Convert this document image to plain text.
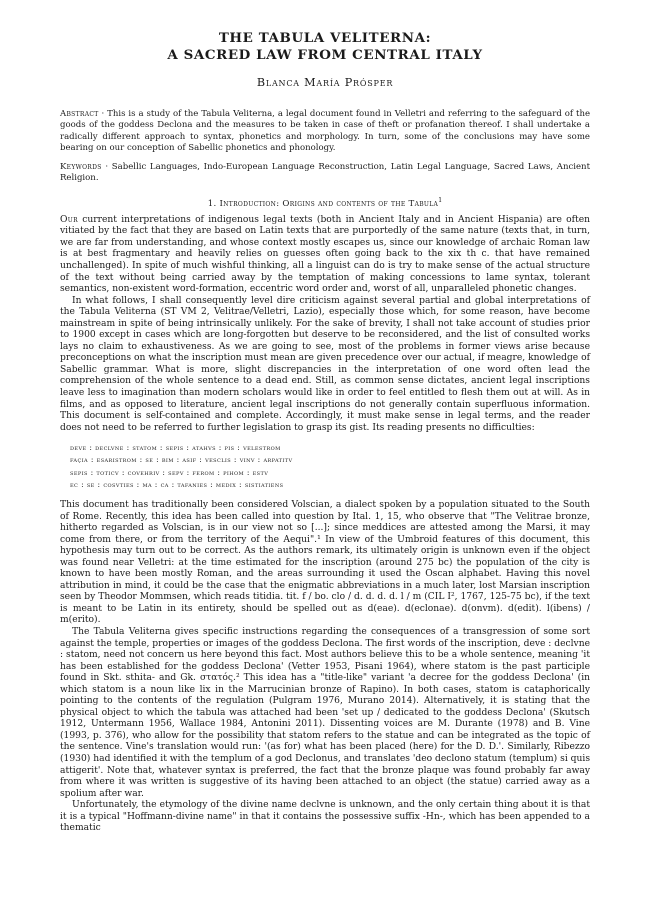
THE TABULA VELITERNA:
A SACRED LAW FROM CENTRAL ITALY
Blanca María Prósper

Abstract · This is a study of the Tabula Veliterna, a legal document found in Velletri and referring to the safeguard of the goods of the goddess Declona and the measures to be taken in case of theft or profanation thereof. I shall undertake a radically different approach to syntax, phonetics and morphology. In turn, some of the conclusions may have some bearing on our conception of Sabellic phonetics and phonology.

Keywords · Sabellic Languages, Indo-European Language Reconstruction, Latin Legal Language, Sacred Laws, Ancient Religion.

1. Introduction: Origins and contents of the Tabula$^1$

Our current interpretations of indigenous legal texts (both in Ancient Italy and in Ancient Hispania) are often vitiated by the fact that they are based on Latin texts that are purportedly of the same nature (texts that, in turn, we are far from understanding, and whose context mostly escapes us, since our knowledge of archaic Roman law is at best fragmentary and heavily relies on guesses often going back to the xix th c. that have remained unchallenged). In spite of much wishful thinking, all a linguist can do is try to make sense of the actual structure of the text without being carried away by the temptation of making concessions to lame syntax, tolerant semantics, non-existent word-formation, eccentric word order and, worst of all, unparalleled phonetic changes.

In what follows, I shall consequently level dire criticism against several partial and global interpretations of the Tabula Veliterna (ST VM 2, Velitrae/Velletri, Lazio), especially those which, for some reason, have become mainstream in spite of being intrinsically unlikely. For the sake of brevity, I shall not take account of studies prior to 1900 except in cases which are long-forgotten but deserve to be reconsidered, and the list of consulted works lays no claim to exhaustiveness. As we are going to see, most of the problems in former views arise because preconceptions on what the inscription must mean are given precedence over our actual, if meagre, knowledge of Sabellic grammar. What is more, slight discrepancies in the interpretation of one word often lead the comprehension of the whole sentence to a dead end. Still, as common sense dictates, ancient legal inscriptions leave less to imagination than modern scholars would like in order to feel entitled to flesh them out at will. As in films, and as opposed to literature, ancient legal inscriptions do not generally contain superfluous information. This document is self-contained and complete. Accordingly, it must make sense in legal terms, and the reader does not need to be referred to further legislation to grasp its gist. Its reading presents no difficulties:

deve : declvne : statom : sepis : atahvs : pis : velestrom
façia : esaristrom : se : bim : asif : vesclis : vinv : arpatitv
sepis : toticv : covehriv : sepv : ferom : pihom : estv
ec : se : cosvties : ma : ca : tafanies : medix : sistiatiens

This document has traditionally been considered Volscian, a dialect spoken by a population situated to the South of Rome. Recently, this idea has been called into question by Ital. 1, 15, who observe that "The Velitrae bronze, hitherto regarded as Volscian, is in our view not so [...]; since meddices are attested among the Marsi, it may come from there, or from the territory of the Aequi".¹ In view of the Umbroid features of this document, this hypothesis may turn out to be correct. As the authors remark, its ultimately origin is unknown even if the object was found near Velletri: at the time estimated for the inscription (around 275 bc) the population of the city is known to have been mostly Roman, and the areas surrounding it used the Oscan alphabet. Having this novel attribution in mind, it could be the case that the enigmatic abbreviations in a much later, lost Marsian inscription seen by Theodor Mommsen, which reads titidia. tit. f / bo. clo / d. d. d. d. l / m (CIL I², 1767, 125-75 bc), if the text is meant to be Latin in its entirety, should be spelled out as d(eae). d(eclonae). d(onvm). d(edit). l(ibens) / m(erito).

The Tabula Veliterna gives specific instructions regarding the consequences of a transgression of some sort against the temple, properties or images of the goddess Declona. The first words of the inscription, deve : declvne : statom, need not concern us here beyond this fact. Most authors believe this to be a whole sentence, meaning 'it has been established for the goddess Declona' (Vetter 1953, Pisani 1964), where statom is the past participle found in Skt. sthita- and Gk. στατός.² This idea has a "title-like" variant 'a decree for the goddess Declona' (in which statom is a noun like lix in the Marrucinian bronze of Rapino). In both cases, statom is cataphorically pointing to the contents of the regulation (Pulgram 1976, Murano 2014). Alternatively, it is stating that the physical object to which the tabula was attached had been 'set up / dedicated to the goddess Declona' (Skutsch 1912, Untermann 1956, Wallace 1984, Antonini 2011). Dissenting voices are M. Durante (1978) and B. Vine (1993, p. 376), who allow for the possibility that statom refers to the statue and can be integrated as the topic of the sentence. Vine's translation would run: '(as for) what has been placed (here) for the D. D.'. Similarly, Ribezzo (1930) had identified it with the templum of a god Declonus, and translates 'deo declono statum (templum) si quis attigerit'. Note that, whatever syntax is preferred, the fact that the bronze plaque was found probably far away from where it was written is suggestive of its having been attached to an object (the statue) carried away as a spolium after war.

Unfortunately, the etymology of the divine name declvne is unknown, and the only certain thing about it is that it is a typical "Hoffmann-divine name" in that it contains the possessive suffix -Hn-, which has been appended to a thematic
